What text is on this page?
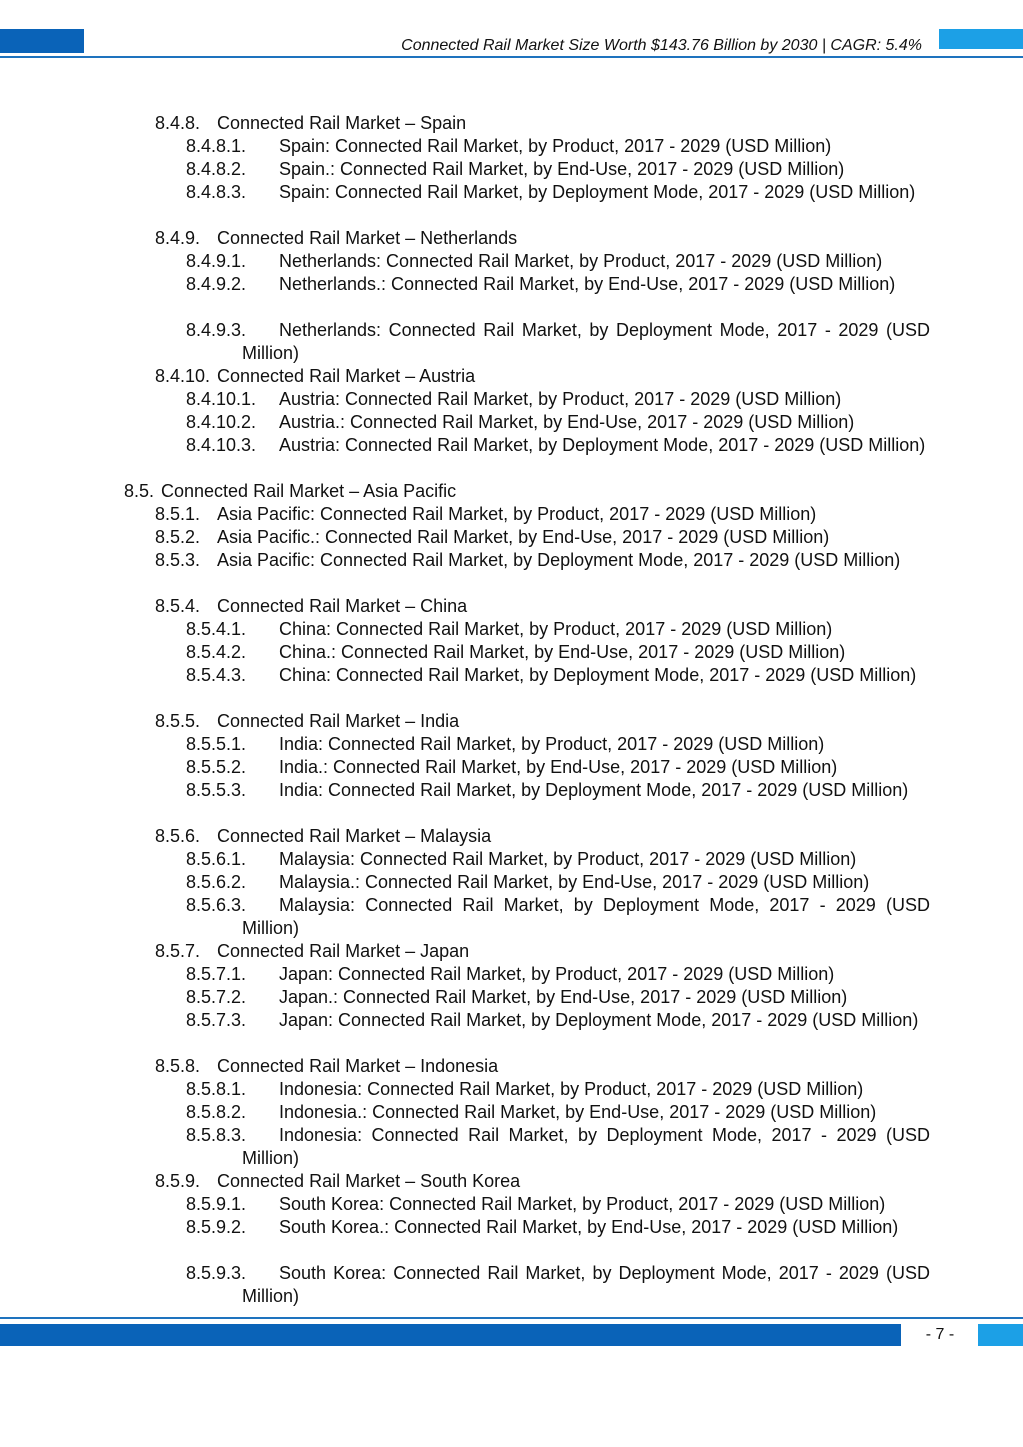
Connected Rail Market Size Worth $143.76 Billion by 2030 | CAGR: 5.4%
8.4.8. Connected Rail Market – Spain
8.4.8.1. Spain: Connected Rail Market, by Product, 2017 - 2029 (USD Million)
8.4.8.2. Spain.: Connected Rail Market, by End-Use, 2017 - 2029 (USD Million)
8.4.8.3.	Spain: Connected Rail Market, by Deployment Mode, 2017 - 2029 (USD Million)
8.4.9. Connected Rail Market – Netherlands
8.4.9.1. Netherlands: Connected Rail Market, by Product, 2017 - 2029 (USD Million)
8.4.9.2.	Netherlands.: Connected Rail Market, by End-Use, 2017 - 2029 (USD Million)
8.4.9.3.	Netherlands: Connected Rail Market, by Deployment Mode, 2017 - 2029 (USD Million)
8.4.10. Connected Rail Market – Austria
8.4.10.1. Austria: Connected Rail Market, by Product, 2017 - 2029 (USD Million)
8.4.10.2. Austria.: Connected Rail Market, by End-Use, 2017 - 2029 (USD Million)
8.4.10.3.	Austria: Connected Rail Market, by Deployment Mode, 2017 - 2029 (USD Million)
8.5. Connected Rail Market – Asia Pacific
8.5.1. Asia Pacific: Connected Rail Market, by Product, 2017 - 2029 (USD Million)
8.5.2. Asia Pacific.: Connected Rail Market, by End-Use, 2017 - 2029 (USD Million)
8.5.3. Asia Pacific: Connected Rail Market, by Deployment Mode, 2017 - 2029 (USD Million)
8.5.4. Connected Rail Market – China
8.5.4.1. China: Connected Rail Market, by Product, 2017 - 2029 (USD Million)
8.5.4.2. China.: Connected Rail Market, by End-Use, 2017 - 2029 (USD Million)
8.5.4.3.	China: Connected Rail Market, by Deployment Mode, 2017 - 2029 (USD Million)
8.5.5. Connected Rail Market – India
8.5.5.1. India: Connected Rail Market, by Product, 2017 - 2029 (USD Million)
8.5.5.2. India.: Connected Rail Market, by End-Use, 2017 - 2029 (USD Million)
8.5.5.3.	India: Connected Rail Market, by Deployment Mode, 2017 - 2029 (USD Million)
8.5.6. Connected Rail Market – Malaysia
8.5.6.1. Malaysia: Connected Rail Market, by Product, 2017 - 2029 (USD Million)
8.5.6.2. Malaysia.: Connected Rail Market, by End-Use, 2017 - 2029 (USD Million)
8.5.6.3.	Malaysia: Connected Rail Market, by Deployment Mode, 2017 - 2029 (USD Million)
8.5.7. Connected Rail Market – Japan
8.5.7.1. Japan: Connected Rail Market, by Product, 2017 - 2029 (USD Million)
8.5.7.2. Japan.: Connected Rail Market, by End-Use, 2017 - 2029 (USD Million)
8.5.7.3.	Japan: Connected Rail Market, by Deployment Mode, 2017 - 2029 (USD Million)
8.5.8. Connected Rail Market – Indonesia
8.5.8.1. Indonesia: Connected Rail Market, by Product, 2017 - 2029 (USD Million)
8.5.8.2. Indonesia.: Connected Rail Market, by End-Use, 2017 - 2029 (USD Million)
8.5.8.3.	Indonesia: Connected Rail Market, by Deployment Mode, 2017 - 2029 (USD Million)
8.5.9. Connected Rail Market – South Korea
8.5.9.1. South Korea: Connected Rail Market, by Product, 2017 - 2029 (USD Million)
8.5.9.2.	South Korea.: Connected Rail Market, by End-Use, 2017 - 2029 (USD Million)
8.5.9.3.	South Korea: Connected Rail Market, by Deployment Mode, 2017 - 2029 (USD Million)
- 7 -
